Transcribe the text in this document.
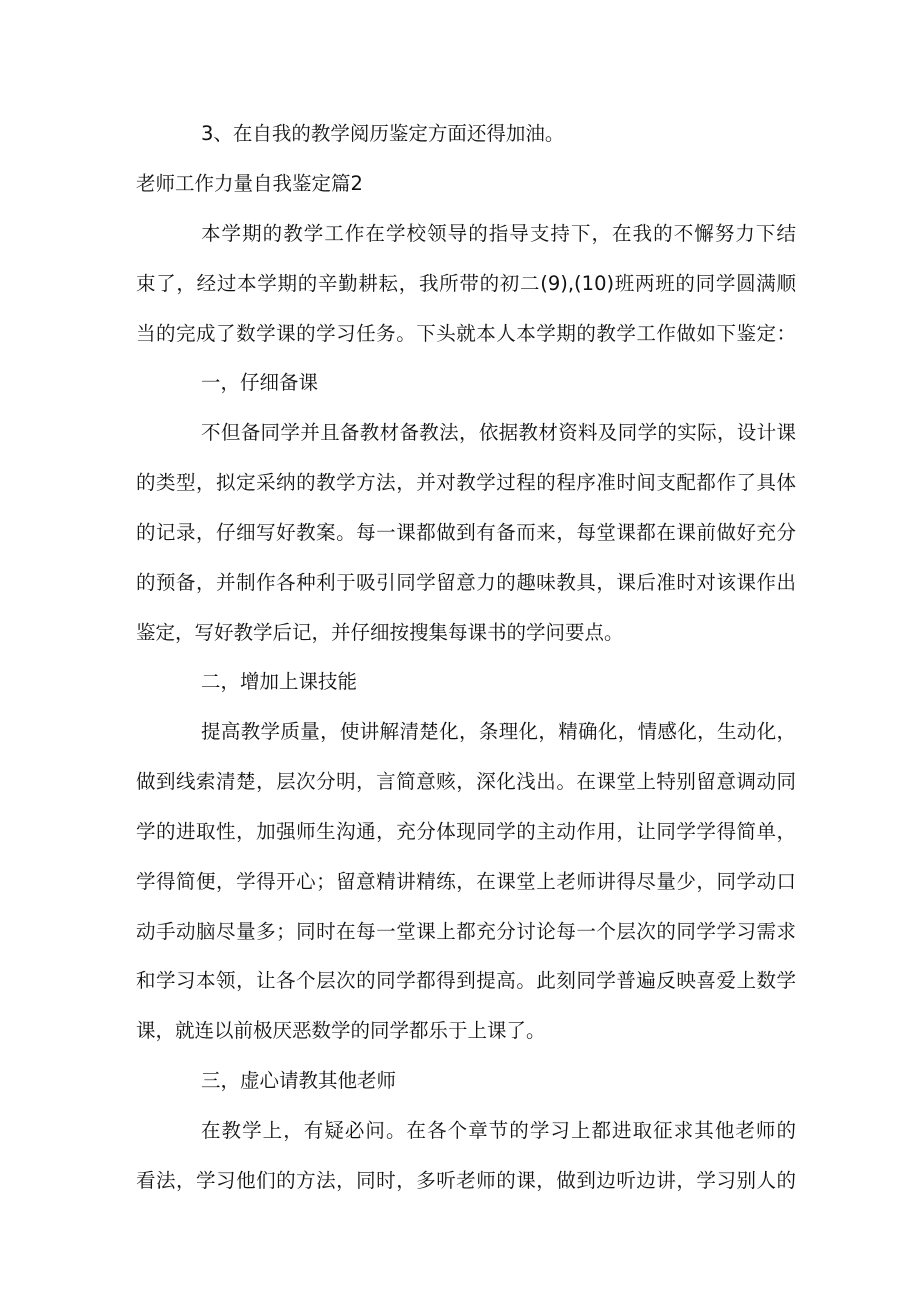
3、在自我的教学阅历鉴定方面还得加油。

老师工作力量自我鉴定篇2

本学期的教学工作在学校领导的指导支持下，在我的不懈努力下结

束了，经过本学期的辛勤耕耘，我所带的初二(9),(10)班两班的同学圆满顺

当的完成了数学课的学习任务。下头就本人本学期的教学工作做如下鉴定：

一，仔细备课

不但备同学并且备教材备教法，依据教材资料及同学的实际，设计课

的类型，拟定采纳的教学方法，并对教学过程的程序准时间支配都作了具体

的记录，仔细写好教案。每一课都做到有备而来，每堂课都在课前做好充分

的预备，并制作各种利于吸引同学留意力的趣味教具，课后准时对该课作出

鉴定，写好教学后记，并仔细按搜集每课书的学问要点。

二，增加上课技能

提高教学质量，使讲解清楚化，条理化，精确化，情感化，生动化，

做到线索清楚，层次分明，言简意赅，深化浅出。在课堂上特别留意调动同

学的进取性，加强师生沟通，充分体现同学的主动作用，让同学学得简单，

学得简便，学得开心；留意精讲精练，在课堂上老师讲得尽量少，同学动口

动手动脑尽量多；同时在每一堂课上都充分讨论每一个层次的同学学习需求

和学习本领，让各个层次的同学都得到提高。此刻同学普遍反映喜爱上数学

课，就连以前极厌恶数学的同学都乐于上课了。

三，虚心请教其他老师

在教学上，有疑必问。在各个章节的学习上都进取征求其他老师的

看法，学习他们的方法，同时，多听老师的课，做到边听边讲，学习别人的
